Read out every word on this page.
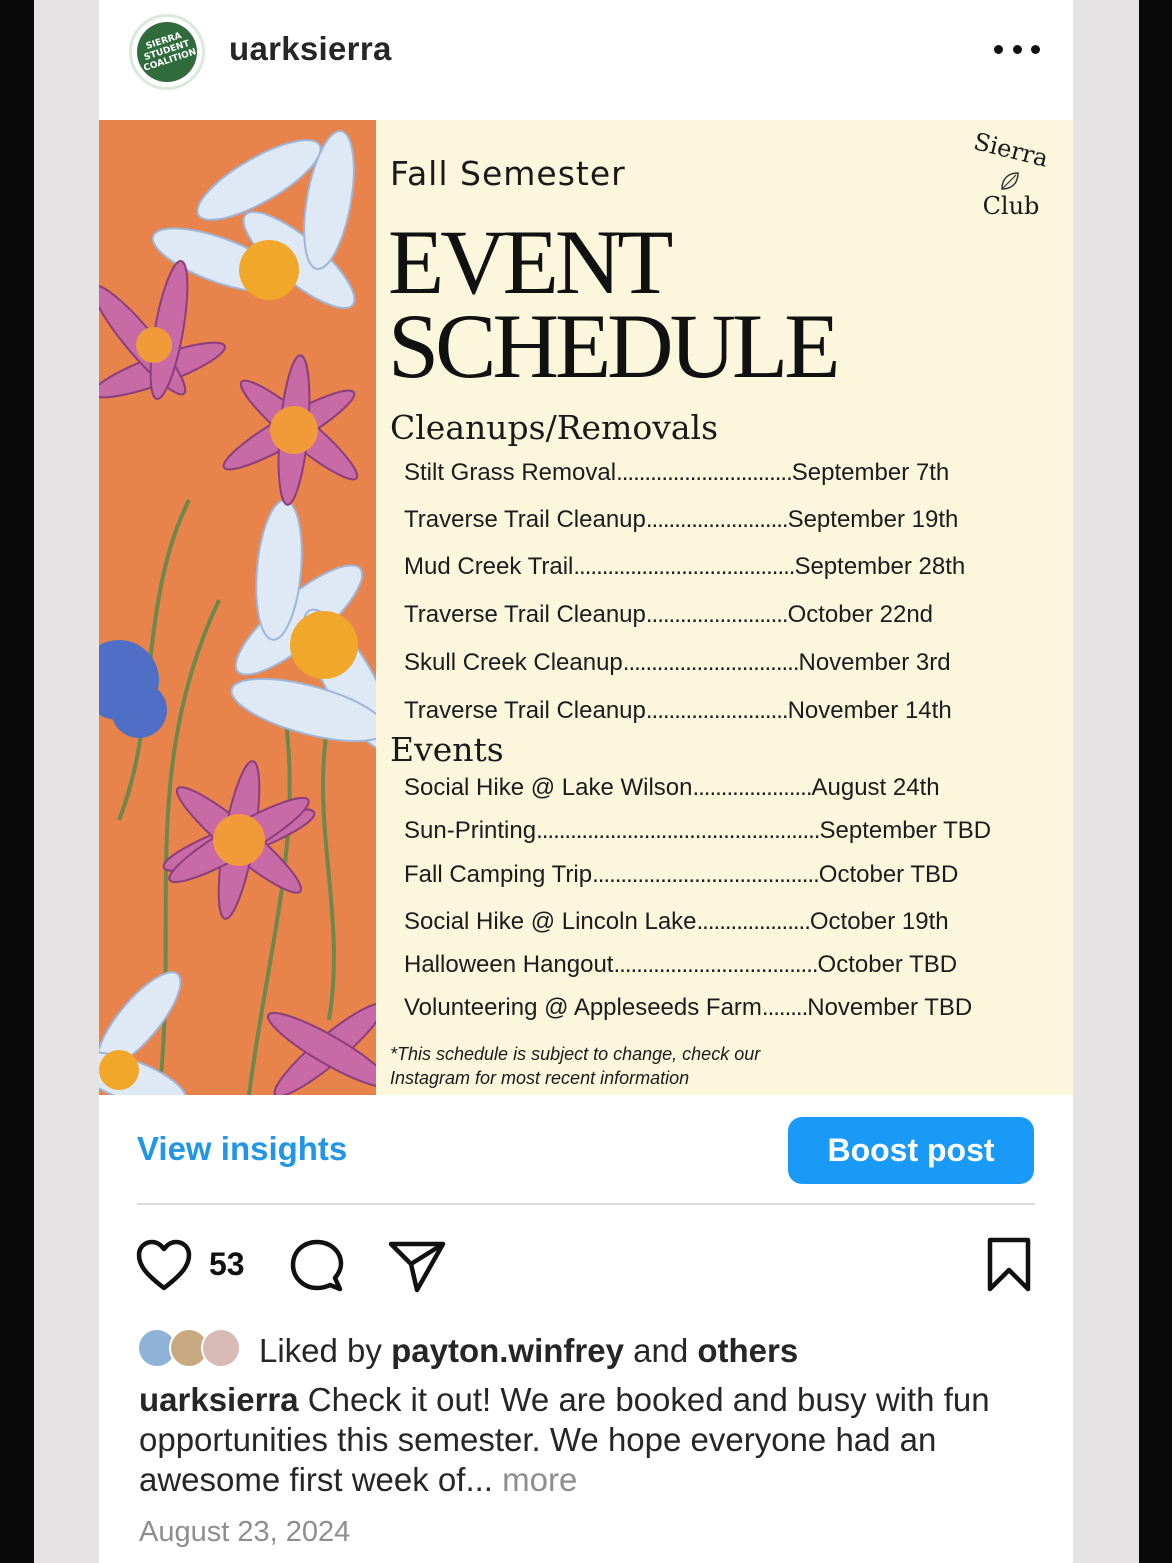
SIERRA STUDENT COALITION uarksierra
Fall Semester
EVENT
SCHEDULE
Sierra
Club
Cleanups/Removals
Stilt Grass Removal...............................September 7th
Traverse Trail Cleanup.........................September 19th
Mud Creek Trail.......................................September 28th
Traverse Trail Cleanup.........................October 22nd
Skull Creek Cleanup...............................November 3rd
Traverse Trail Cleanup.........................November 14th
Events
Social Hike @ Lake Wilson.....................August 24th
Sun-Printing..................................................September TBD
Fall Camping Trip........................................October TBD
Social Hike @ Lincoln Lake....................October 19th
Halloween Hangout....................................October TBD
Volunteering @ Appleseeds Farm........November TBD
*This schedule is subject to change, check our Instagram for most recent information
View insights	Boost post
53
Liked by payton.winfrey and others
uarksierra Check it out! We are booked and busy with fun opportunities this semester. We hope everyone had an awesome first week of... more
August 23, 2024
